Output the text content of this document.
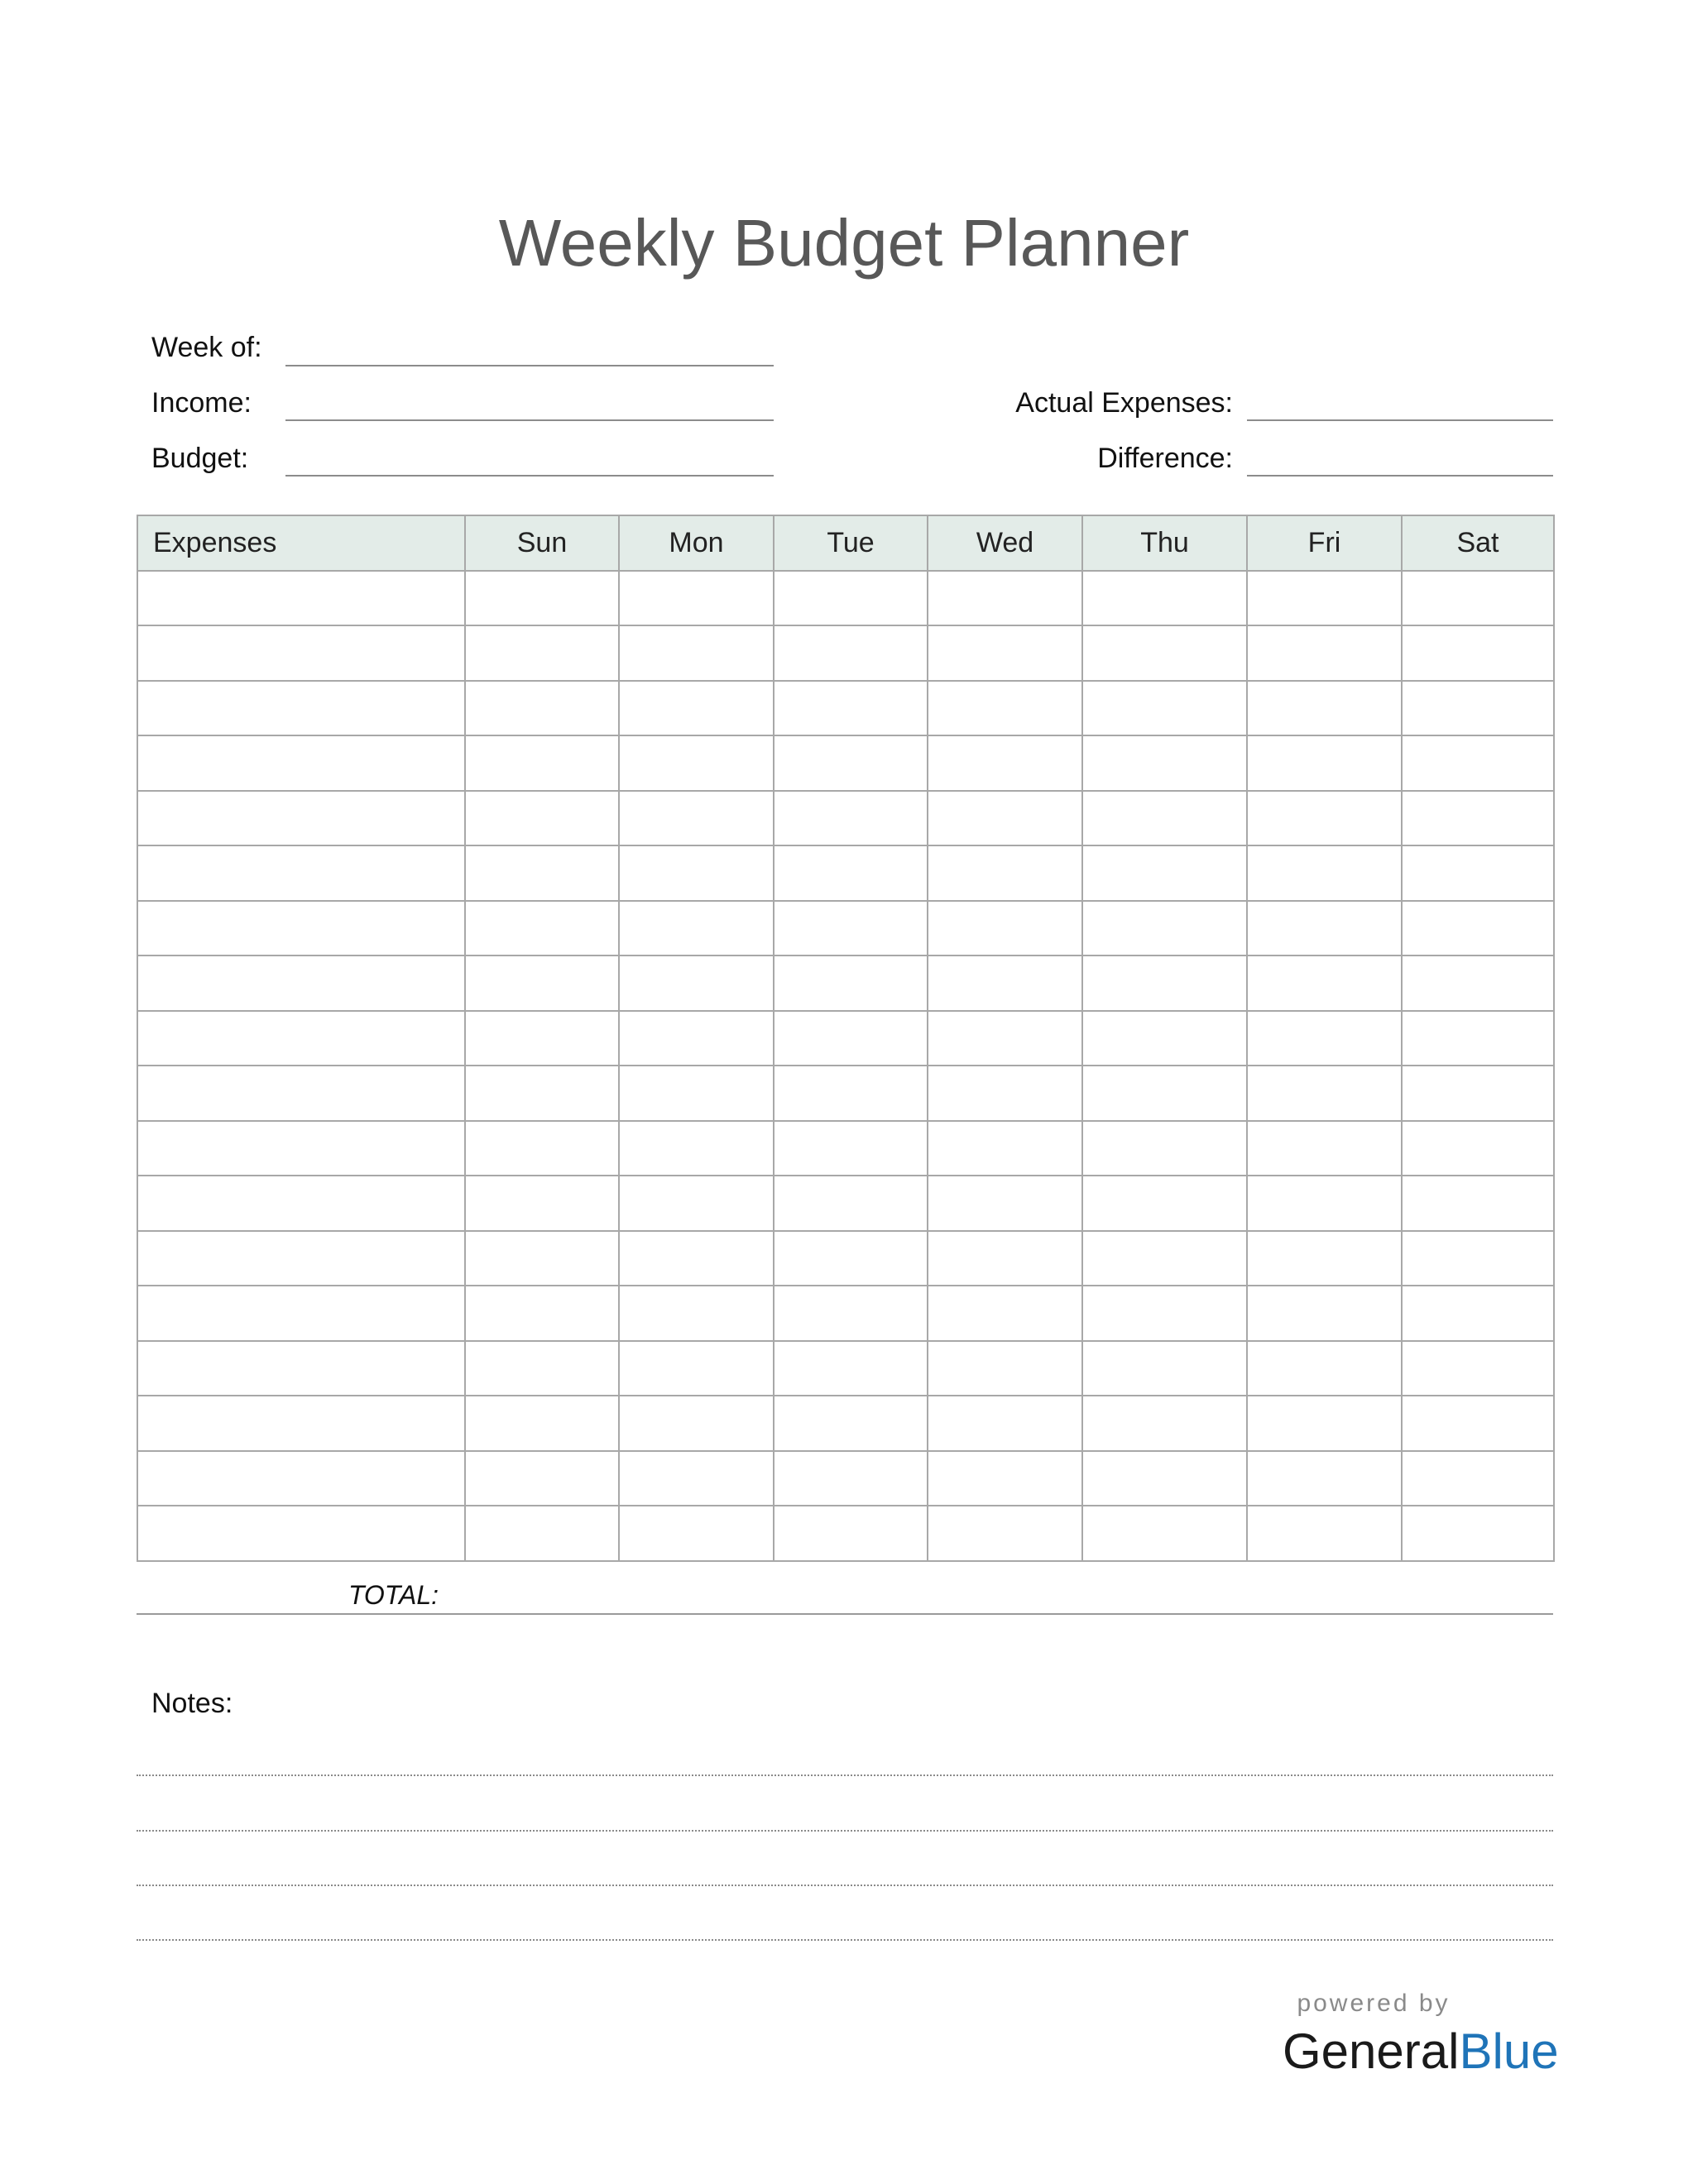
Weekly Budget Planner
Week of:
Income:
Budget:
Actual Expenses:
Difference:
Expenses	Sun	Mon	Tue	Wed	Thu	Fri	Sat

TOTAL:
Notes:
powered by
GeneralBlue
